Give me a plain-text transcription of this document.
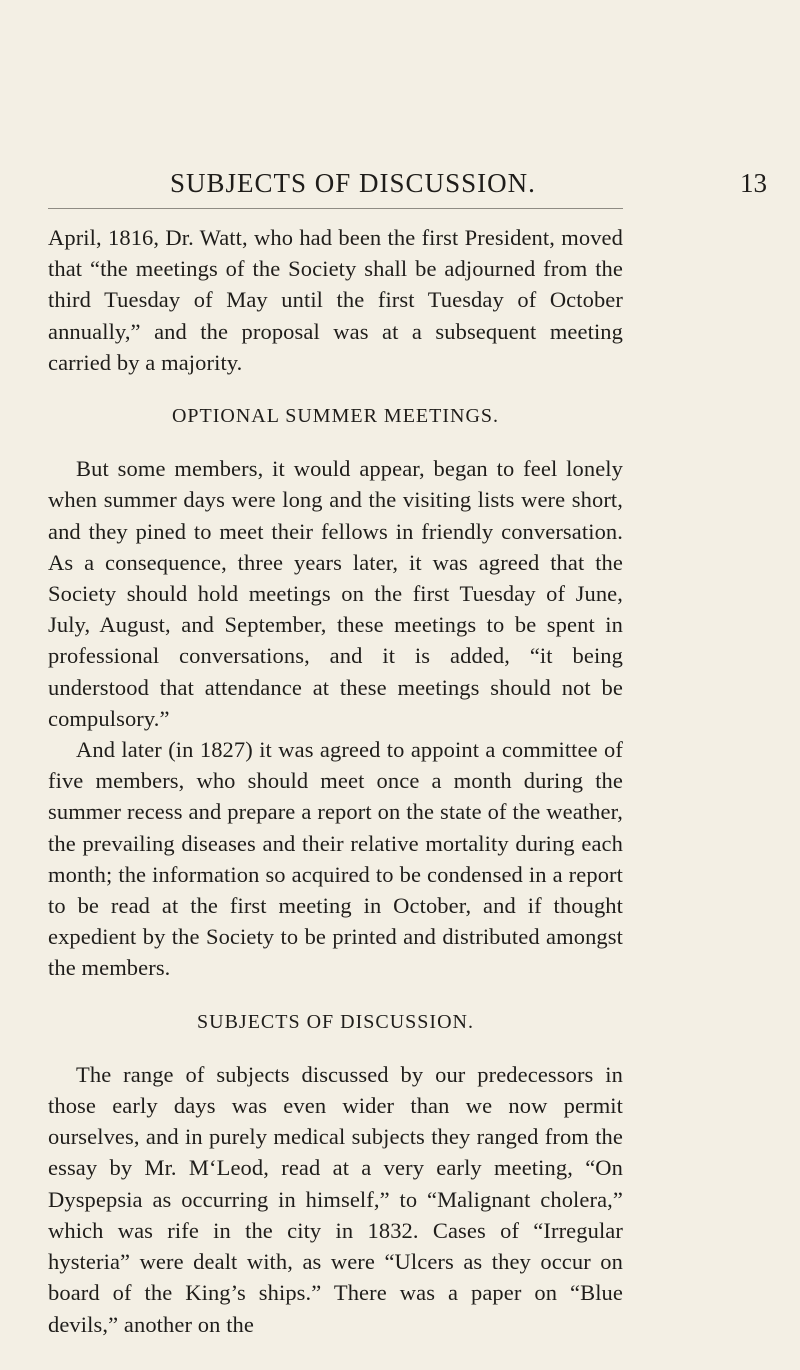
SUBJECTS OF DISCUSSION.	13

April, 1816, Dr. Watt, who had been the first President, moved that “the meetings of the Society shall be adjourned from the third Tuesday of May until the first Tuesday of October annually,” and the proposal was at a subsequent meeting carried by a majority.

OPTIONAL SUMMER MEETINGS.

But some members, it would appear, began to feel lonely when summer days were long and the visiting lists were short, and they pined to meet their fellows in friendly conversation. As a consequence, three years later, it was agreed that the Society should hold meetings on the first Tuesday of June, July, August, and September, these meetings to be spent in professional conversations, and it is added, “it being understood that attendance at these meetings should not be compulsory.”

And later (in 1827) it was agreed to appoint a committee of five members, who should meet once a month during the summer recess and prepare a report on the state of the weather, the prevailing diseases and their relative mortality during each month; the information so acquired to be condensed in a report to be read at the first meeting in October, and if thought expedient by the Society to be printed and distributed amongst the members.

SUBJECTS OF DISCUSSION.

The range of subjects discussed by our predecessors in those early days was even wider than we now permit ourselves, and in purely medical subjects they ranged from the essay by Mr. M‘Leod, read at a very early meeting, “On Dyspepsia as occurring in himself,” to “Malignant cholera,” which was rife in the city in 1832. Cases of “Irregular hysteria” were dealt with, as were “Ulcers as they occur on board of the King’s ships.” There was a paper on “Blue devils,” another on the
